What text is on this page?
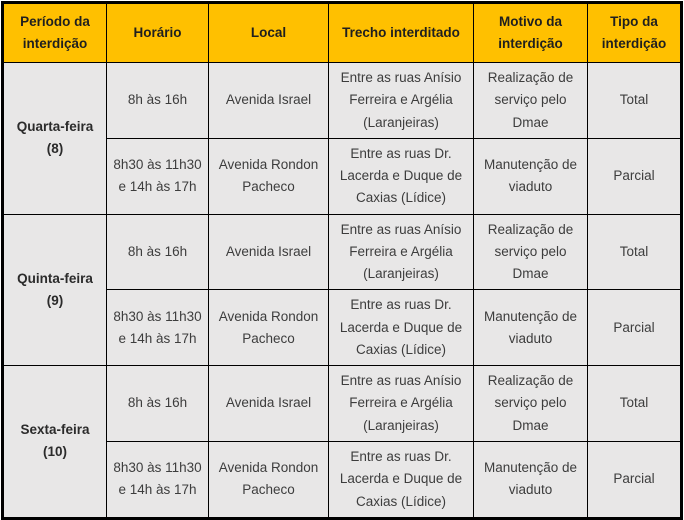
Período da interdição	Horário	Local	Trecho interditado	Motivo da interdição	Tipo da interdição

Quarta-feira
(8)	8h às 16h	Avenida Israel	Entre as ruas Anísio Ferreira e Argélia (Laranjeiras)	Realização de serviço pelo Dmae	Total
	8h30 às 11h30 e 14h às 17h	Avenida Rondon Pacheco	Entre as ruas Dr. Lacerda e Duque de Caxias (Lídice)	Manutenção de viaduto	Parcial

Quinta-feira
(9)	8h às 16h	Avenida Israel	Entre as ruas Anísio Ferreira e Argélia (Laranjeiras)	Realização de serviço pelo Dmae	Total
	8h30 às 11h30 e 14h às 17h	Avenida Rondon Pacheco	Entre as ruas Dr. Lacerda e Duque de Caxias (Lídice)	Manutenção de viaduto	Parcial

Sexta-feira
(10)	8h às 16h	Avenida Israel	Entre as ruas Anísio Ferreira e Argélia (Laranjeiras)	Realização de serviço pelo Dmae	Total
	8h30 às 11h30 e 14h às 17h	Avenida Rondon Pacheco	Entre as ruas Dr. Lacerda e Duque de Caxias (Lídice)	Manutenção de viaduto	Parcial
